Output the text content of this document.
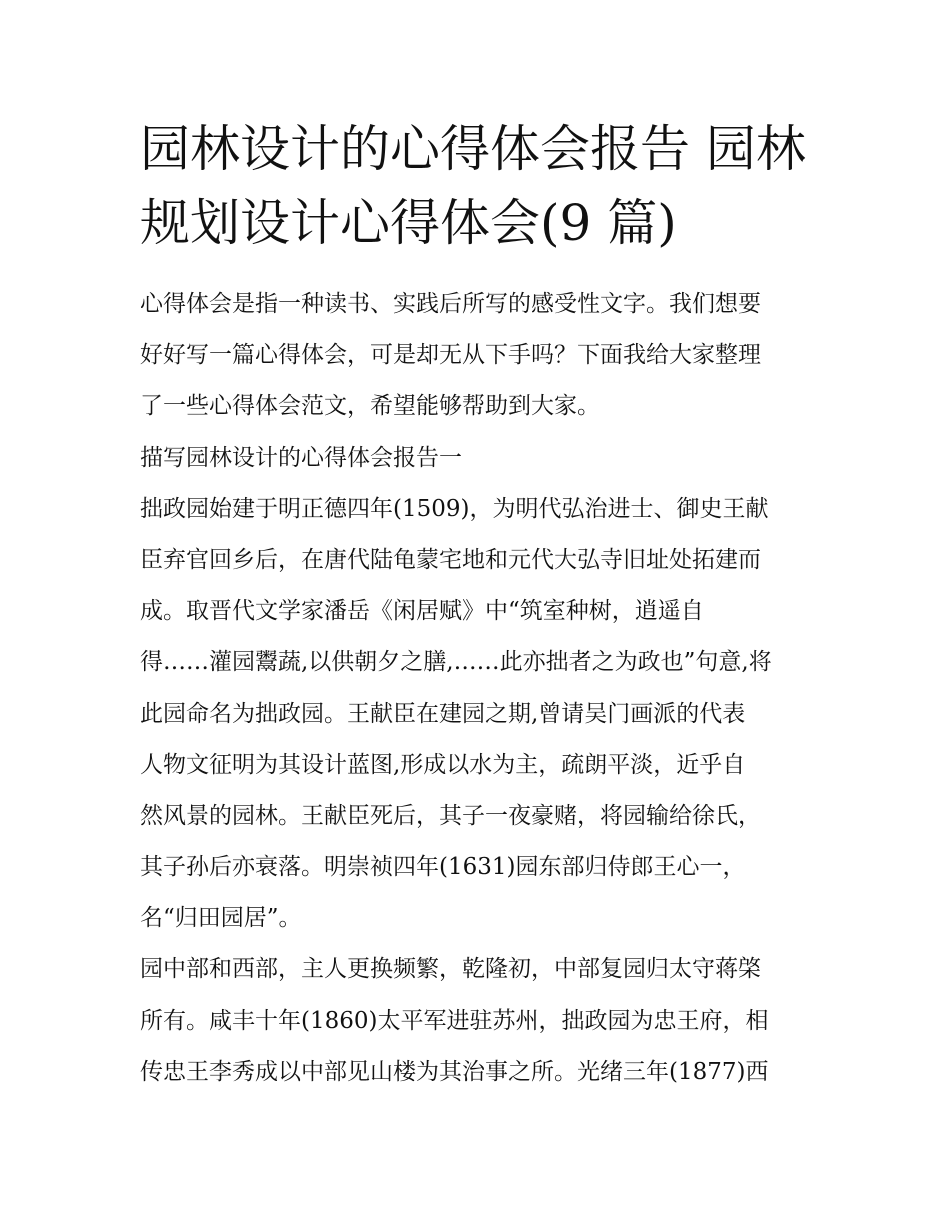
园林设计的心得体会报告 园林
规划设计心得体会(9 篇)
心得体会是指一种读书、实践后所写的感受性文字。我们想要
好好写一篇心得体会，可是却无从下手吗？下面我给大家整理
了一些心得体会范文，希望能够帮助到大家。
描写园林设计的心得体会报告一
拙政园始建于明正德四年(1509)，为明代弘治进士、御史王献
臣弃官回乡后，在唐代陆龟蒙宅地和元代大弘寺旧址处拓建而
成。取晋代文学家潘岳《闲居赋》中“筑室种树，逍遥自
得……灌园鬻蔬,以供朝夕之膳,……此亦拙者之为政也”句意,将
此园命名为拙政园。王献臣在建园之期,曾请吴门画派的代表
人物文征明为其设计蓝图,形成以水为主，疏朗平淡，近乎自
然风景的园林。王献臣死后，其子一夜豪赌，将园输给徐氏，
其子孙后亦衰落。明崇祯四年(1631)园东部归侍郎王心一，
名“归田园居”。
园中部和西部，主人更换频繁，乾隆初，中部复园归太守蒋棨
所有。咸丰十年(1860)太平军进驻苏州，拙政园为忠王府，相
传忠王李秀成以中部见山楼为其治事之所。光绪三年(1877)西
